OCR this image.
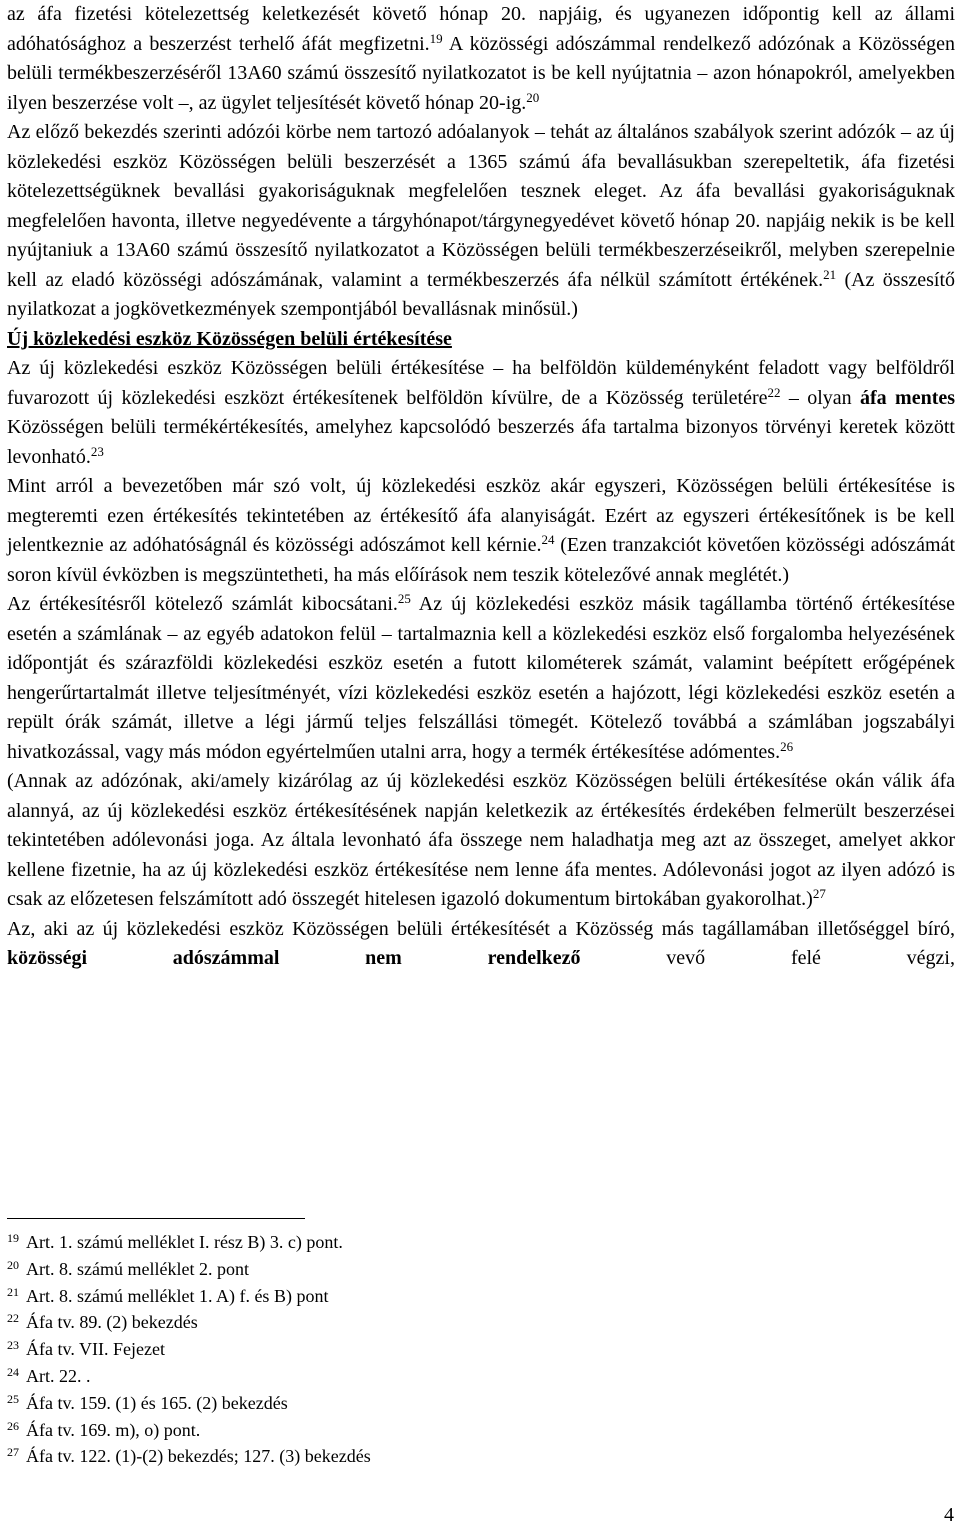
az áfa fizetési kötelezettség keletkezését követő hónap 20. napjáig, és ugyanezen időpontig kell az állami adóhatósághoz a beszerzést terhelő áfát megfizetni.$^{19}$ A közösségi adószámmal rendelkező adózónak a Közösségen belüli termékbeszerzéséről 13A60 számú összesítő nyilatkozatot is be kell nyújtatnia – azon hónapokról, amelyekben ilyen beszerzése volt –, az ügylet teljesítését követő hónap 20-ig.$^{20}$

Az előző bekezdés szerinti adózói körbe nem tartozó adóalanyok – tehát az általános szabályok szerint adózók – az új közlekedési eszköz Közösségen belüli beszerzését a 1365 számú áfa bevallásukban szerepeltetik, áfa fizetési kötelezettségüknek bevallási gyakoriságuknak megfelelően tesznek eleget. Az áfa bevallási gyakoriságuknak megfelelően havonta, illetve negyedévente a tárgyhónapot/tárgynegyedévet követő hónap 20. napjáig nekik is be kell nyújtaniuk a 13A60 számú összesítő nyilatkozatot a Közösségen belüli termékbeszerzéseikről, melyben szerepelnie kell az eladó közösségi adószámának, valamint a termékbeszerzés áfa nélkül számított értékének.$^{21}$ (Az összesítő nyilatkozat a jogkövetkezmények szempontjából bevallásnak minősül.)

Új közlekedési eszköz Közösségen belüli értékesítése

Az új közlekedési eszköz Közösségen belüli értékesítése – ha belföldön küldeményként feladott vagy belföldről fuvarozott új közlekedési eszközt értékesítenek belföldön kívülre, de a Közösség területére$^{22}$ – olyan áfa mentes Közösségen belüli termékértékesítés, amelyhez kapcsolódó beszerzés áfa tartalma bizonyos törvényi keretek között levonható.$^{23}$

Mint arról a bevezetőben már szó volt, új közlekedési eszköz akár egyszeri, Közösségen belüli értékesítése is megteremti ezen értékesítés tekintetében az értékesítő áfa alanyiságát. Ezért az egyszeri értékesítőnek is be kell jelentkeznie az adóhatóságnál és közösségi adószámot kell kérnie.$^{24}$ (Ezen tranzakciót követően közösségi adószámát soron kívül évközben is megszüntetheti, ha más előírások nem teszik kötelezővé annak meglétét.)

Az értékesítésről kötelező számlát kibocsátani.$^{25}$ Az új közlekedési eszköz másik tagállamba történő értékesítése esetén a számlának – az egyéb adatokon felül – tartalmaznia kell a közlekedési eszköz első forgalomba helyezésének időpontját és szárazföldi közlekedési eszköz esetén a futott kilométerek számát, valamint beépített erőgépének hengerűrtartalmát illetve teljesítményét, vízi közlekedési eszköz esetén a hajózott, légi közlekedési eszköz esetén a repült órák számát, illetve a légi jármű teljes felszállási tömegét. Kötelező továbbá a számlában jogszabályi hivatkozással, vagy más módon egyértelműen utalni arra, hogy a termék értékesítése adómentes.$^{26}$

(Annak az adózónak, aki/amely kizárólag az új közlekedési eszköz Közösségen belüli értékesítése okán válik áfa alannyá, az új közlekedési eszköz értékesítésének napján keletkezik az értékesítés érdekében felmerült beszerzései tekintetében adólevonási joga. Az általa levonható áfa összege nem haladhatja meg azt az összeget, amelyet akkor kellene fizetnie, ha az új közlekedési eszköz értékesítése nem lenne áfa mentes. Adólevonási jogot az ilyen adózó is csak az előzetesen felszámított adó összegét hitelesen igazoló dokumentum birtokában gyakorolhat.)$^{27}$

Az, aki az új közlekedési eszköz Közösségen belüli értékesítését a Közösség más tagállamában illetőséggel bíró, közösségi adószámmal nem rendelkező vevő felé végzi,

$^{19}$ Art. 1. számú melléklet I. rész B) 3. c) pont.
$^{20}$ Art. 8. számú melléklet 2. pont
$^{21}$ Art. 8. számú melléklet 1. A) f. és B) pont
$^{22}$ Áfa tv. 89. (2) bekezdés
$^{23}$ Áfa tv. VII. Fejezet
$^{24}$ Art. 22. .
$^{25}$ Áfa tv. 159. (1) és 165. (2) bekezdés
$^{26}$ Áfa tv. 169. m), o) pont.
$^{27}$ Áfa tv. 122. (1)-(2) bekezdés; 127. (3) bekezdés
4
